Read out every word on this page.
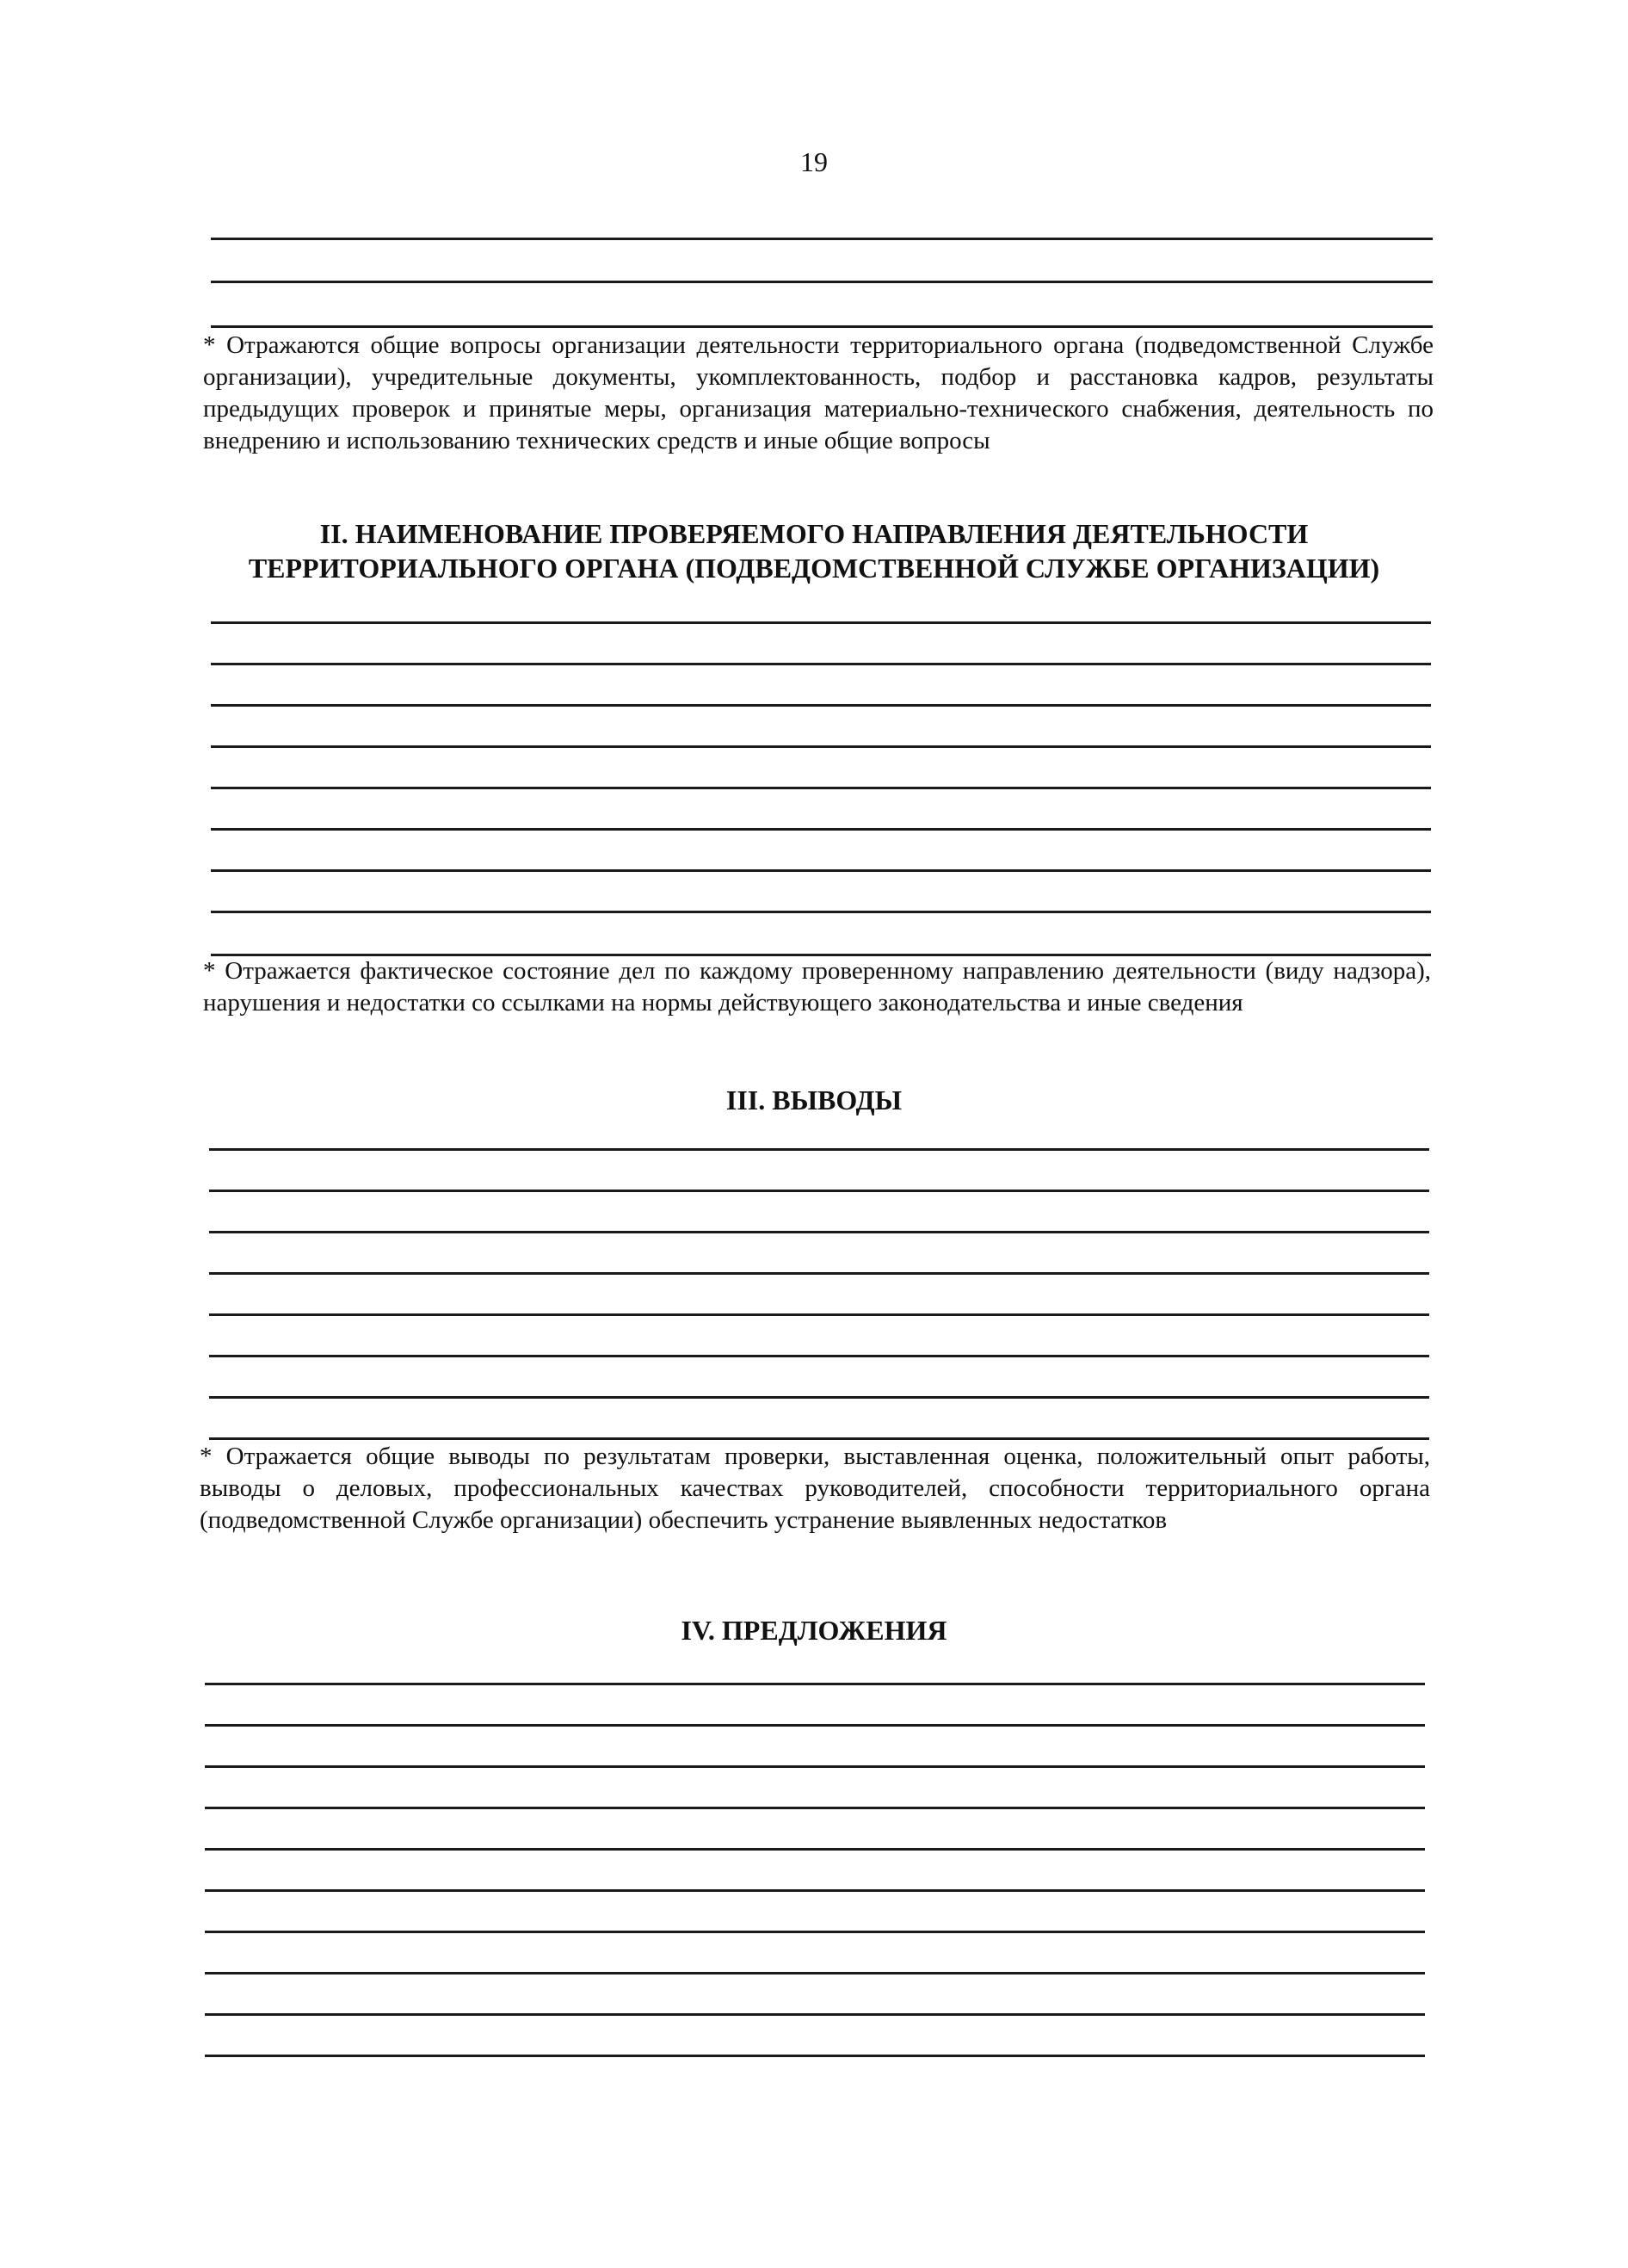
19
* Отражаются общие вопросы организации деятельности территориального органа (подведомственной Службе организации), учредительные документы, укомплектованность, подбор и расстановка кадров, результаты предыдущих проверок и принятые меры, организация материально-технического снабжения, деятельность по внедрению и использованию технических средств и иные общие вопросы
II. НАИМЕНОВАНИЕ ПРОВЕРЯЕМОГО НАПРАВЛЕНИЯ ДЕЯТЕЛЬНОСТИ
ТЕРРИТОРИАЛЬНОГО ОРГАНА (ПОДВЕДОМСТВЕННОЙ СЛУЖБЕ ОРГАНИЗАЦИИ)
* Отражается фактическое состояние дел по каждому проверенному направлению деятельности (виду надзора), нарушения и недостатки со ссылками на нормы действующего законодательства и иные сведения
III. ВЫВОДЫ
* Отражается общие выводы по результатам проверки, выставленная оценка, положительный опыт работы, выводы о деловых, профессиональных качествах руководителей, способности территориального органа (подведомственной Службе организации) обеспечить устранение выявленных недостатков
IV. ПРЕДЛОЖЕНИЯ
